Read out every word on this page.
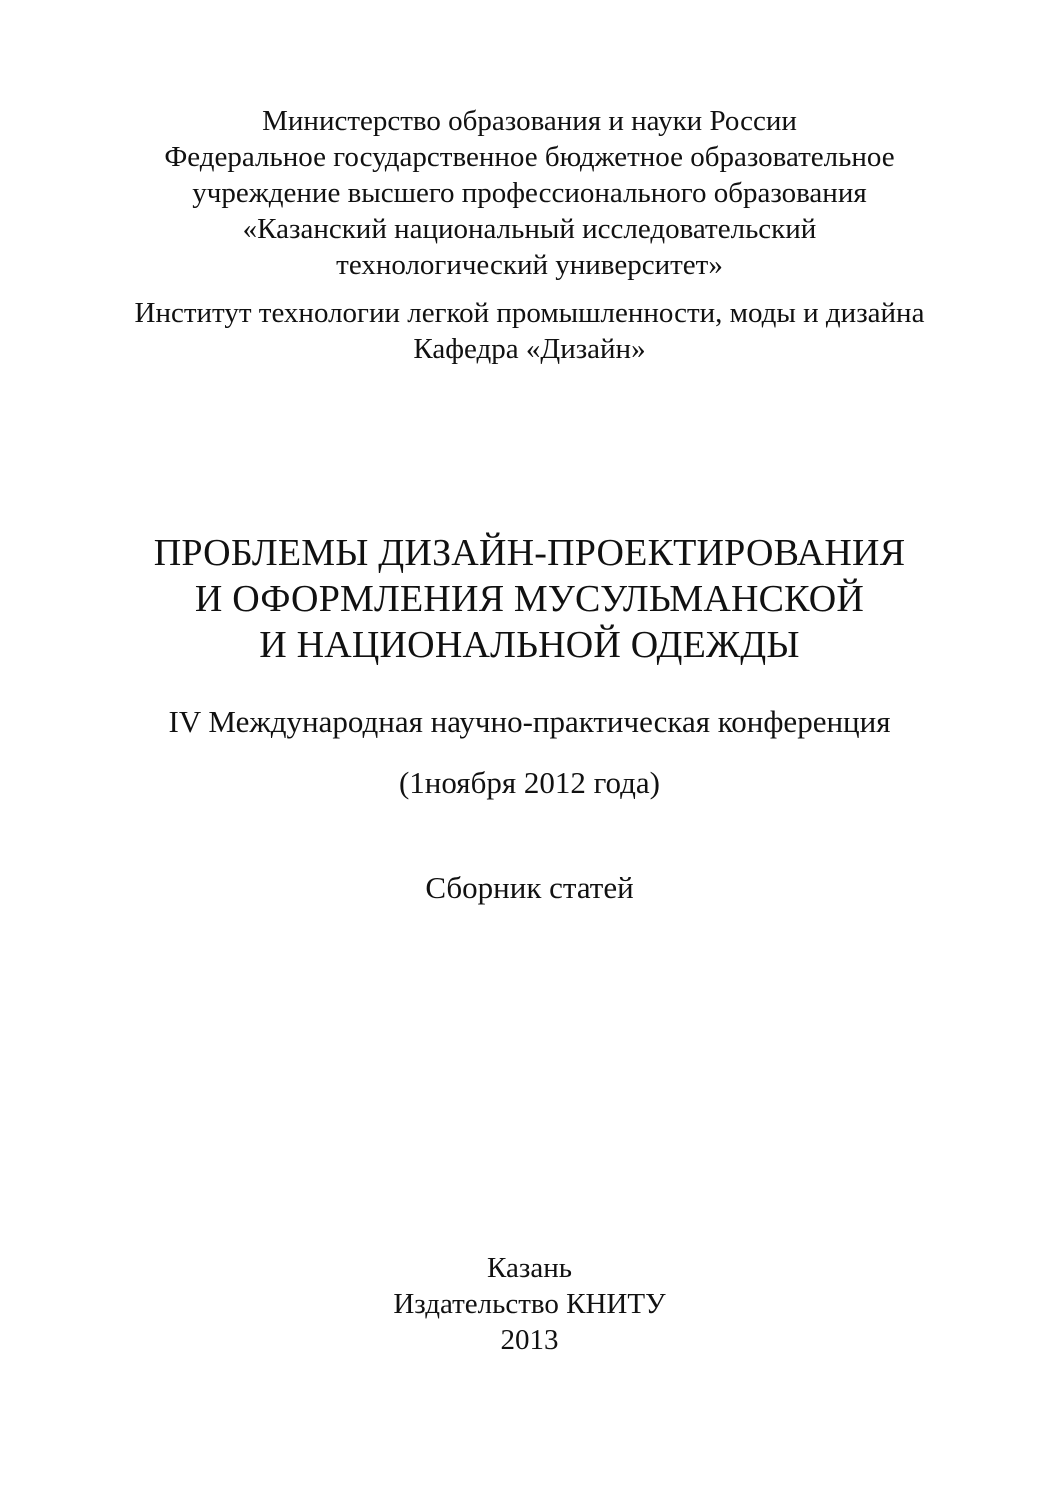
Министерство образования и науки России
Федеральное государственное бюджетное образовательное
учреждение высшего профессионального образования
«Казанский национальный исследовательский
технологический университет»
Институт технологии легкой промышленности, моды и дизайна
Кафедра «Дизайн»
ПРОБЛЕМЫ ДИЗАЙН-ПРОЕКТИРОВАНИЯ
И ОФОРМЛЕНИЯ МУСУЛЬМАНСКОЙ
И НАЦИОНАЛЬНОЙ ОДЕЖДЫ
IV Международная научно-практическая конференция
(1ноября 2012 года)
Сборник статей
Казань
Издательство КНИТУ
2013
